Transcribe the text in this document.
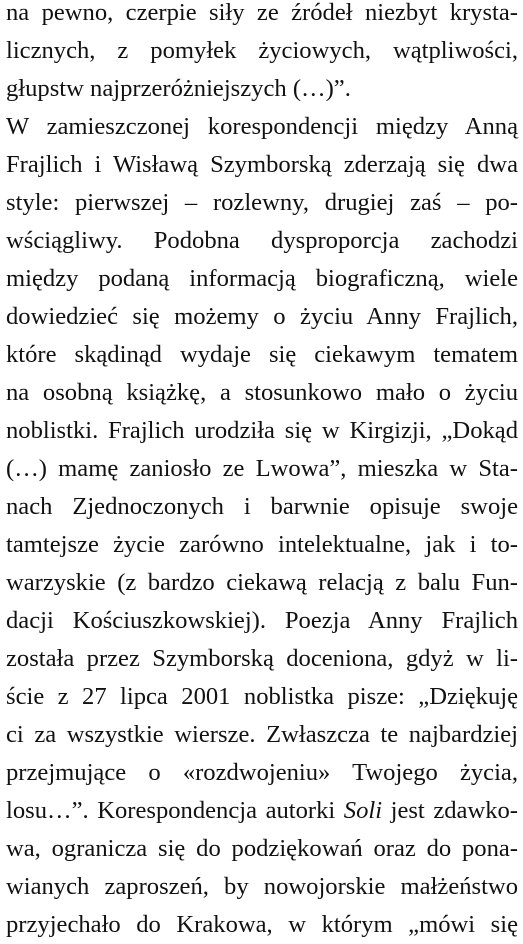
na pewno, czerpie siły ze źródeł niezbyt krysta-
licznych, z pomyłek życiowych, wątpliwości,
głupstw najprzeróżniejszych (…)”.
W zamieszczonej korespondencji między Anną
Frajlich i Wisławą Szymborską zderzają się dwa
style: pierwszej – rozlewny, drugiej zaś – po-
wściągliwy. Podobna dysproporcja zachodzi
między podaną informacją biograficzną, wiele
dowiedzieć się możemy o życiu Anny Frajlich,
które skądinąd wydaje się ciekawym tematem
na osobną książkę, a stosunkowo mało o życiu
noblistki. Frajlich urodziła się w Kirgizji, „Dokąd
(…) mamę zaniosło ze Lwowa”, mieszka w Sta-
nach Zjednoczonych i barwnie opisuje swoje
tamtejsze życie zarówno intelektualne, jak i to-
warzyskie (z bardzo ciekawą relacją z balu Fun-
dacji Kościuszkowskiej). Poezja Anny Frajlich
została przez Szymborską doceniona, gdyż w li-
ście z 27 lipca 2001 noblistka pisze: „Dziękuję
ci za wszystkie wiersze. Zwłaszcza te najbardziej
przejmujące o «rozdwojeniu» Twojego życia,
losu…”. Korespondencja autorki Soli jest zdawko-
wa, ogranicza się do podziękowań oraz do pona-
wianych zaproszeń, by nowojorskie małżeństwo
przyjechało do Krakowa, w którym „mówi się
